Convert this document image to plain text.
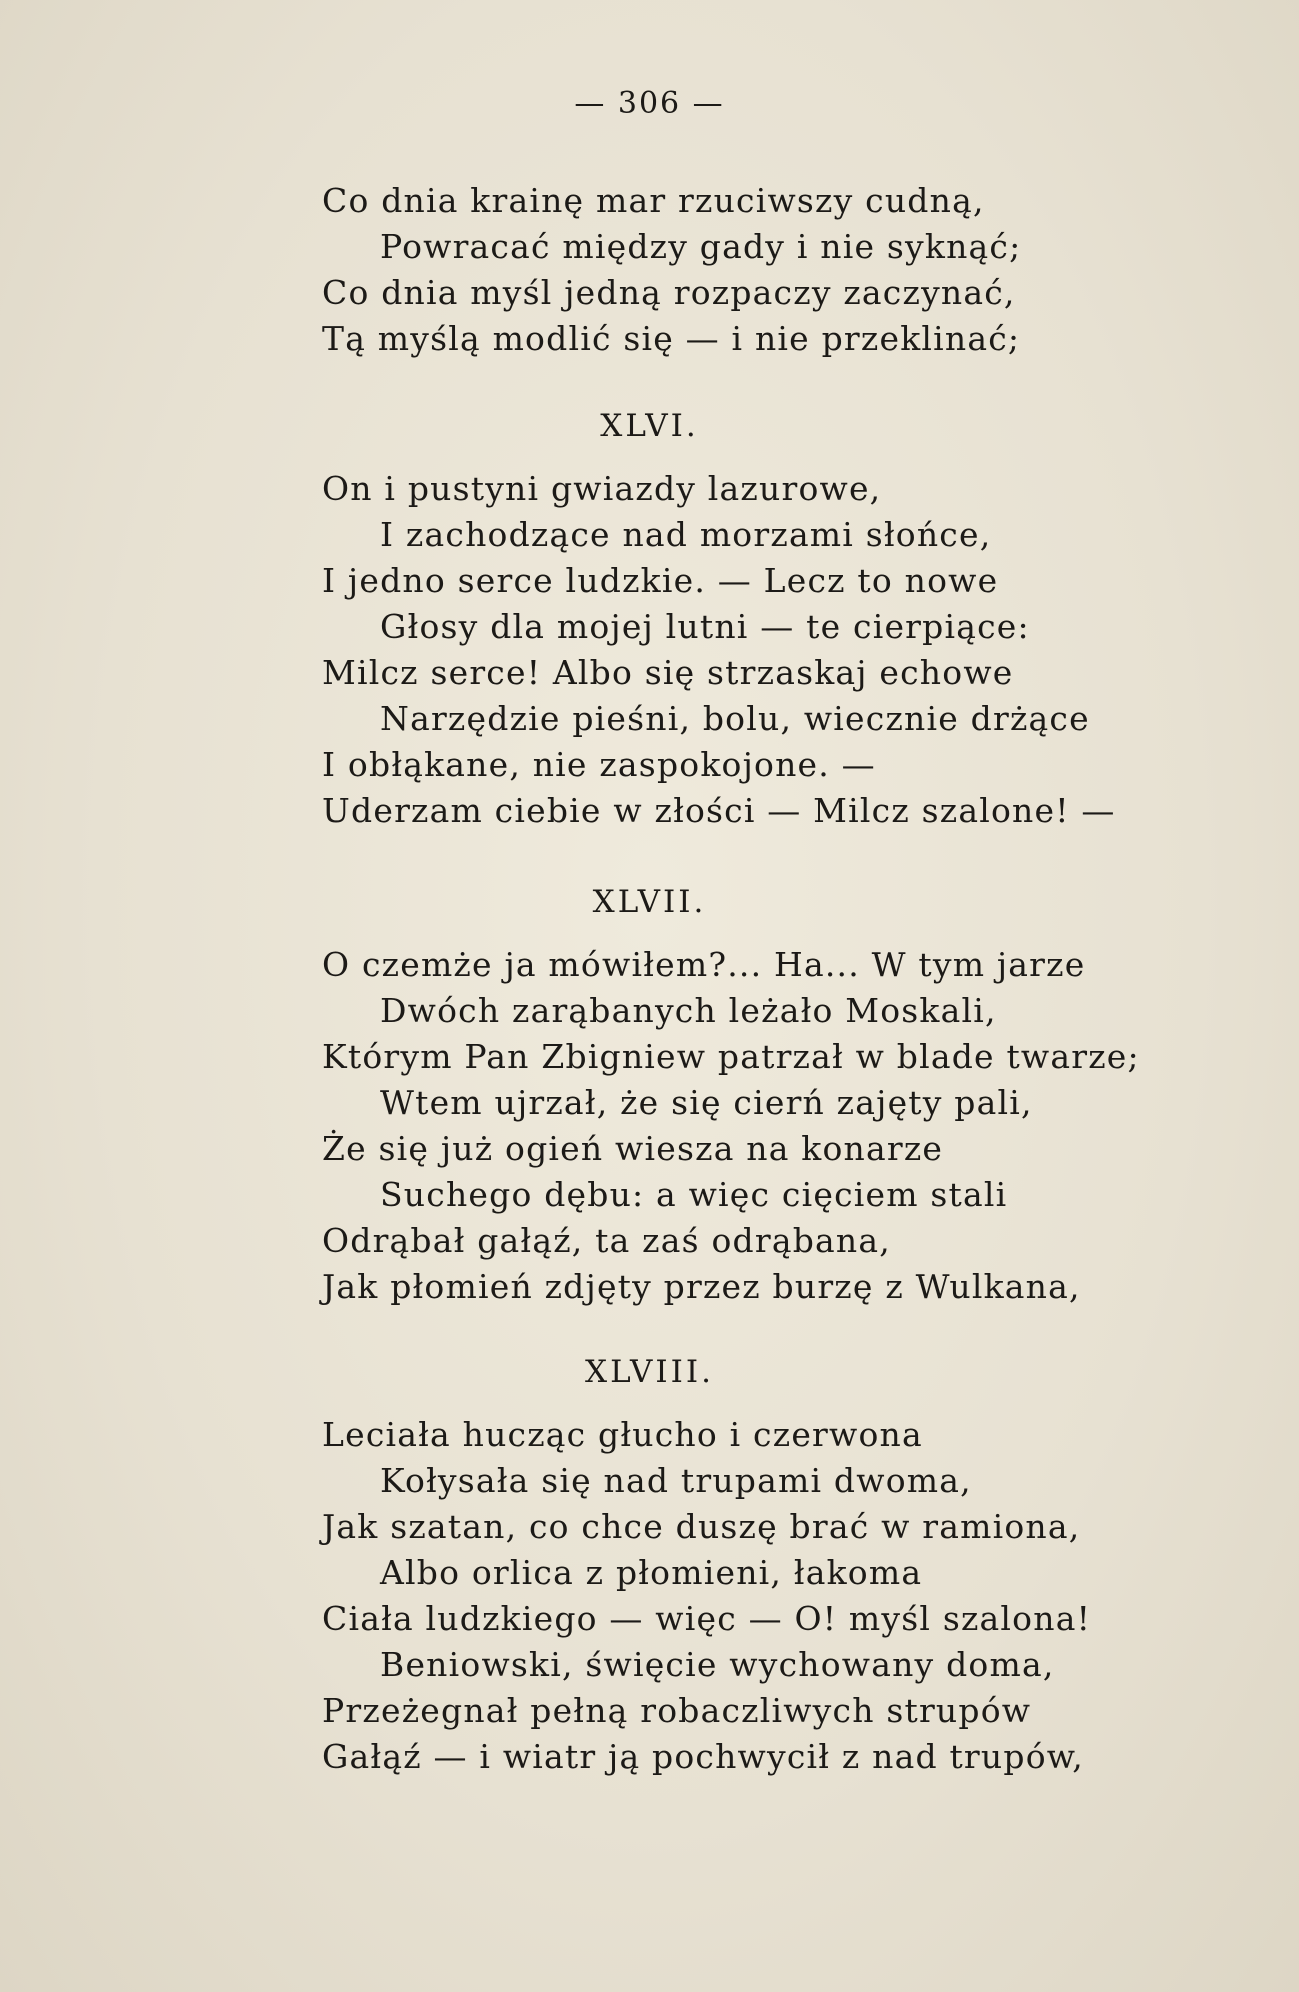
— 306 —
Co dnia krainę mar rzuciwszy cudną,
Powracać między gady i nie syknąć;
Co dnia myśl jedną rozpaczy zaczynać,
Tą myślą modlić się — i nie przeklinać;
XLVI.
On i pustyni gwiazdy lazurowe,
I zachodzące nad morzami słońce,
I jedno serce ludzkie. — Lecz to nowe
Głosy dla mojej lutni — te cierpiące:
Milcz serce! Albo się strzaskaj echowe
Narzędzie pieśni, bolu, wiecznie drżące
I obłąkane, nie zaspokojone. —
Uderzam ciebie w złości — Milcz szalone! —
XLVII.
O czemże ja mówiłem?... Ha... W tym jarze
Dwóch zarąbanych leżało Moskali,
Którym Pan Zbigniew patrzał w blade twarze;
Wtem ujrzał, że się cierń zajęty pali,
Że się już ogień wiesza na konarze
Suchego dębu: a więc cięciem stali
Odrąbał gałąź, ta zaś odrąbana,
Jak płomień zdjęty przez burzę z Wulkana,
XLVIII.
Leciała hucząc głucho i czerwona
Kołysała się nad trupami dwoma,
Jak szatan, co chce duszę brać w ramiona,
Albo orlica z płomieni, łakoma
Ciała ludzkiego — więc — O! myśl szalona!
Beniowski, święcie wychowany doma,
Przeżegnał pełną robaczliwych strupów
Gałąź — i wiatr ją pochwycił z nad trupów,
